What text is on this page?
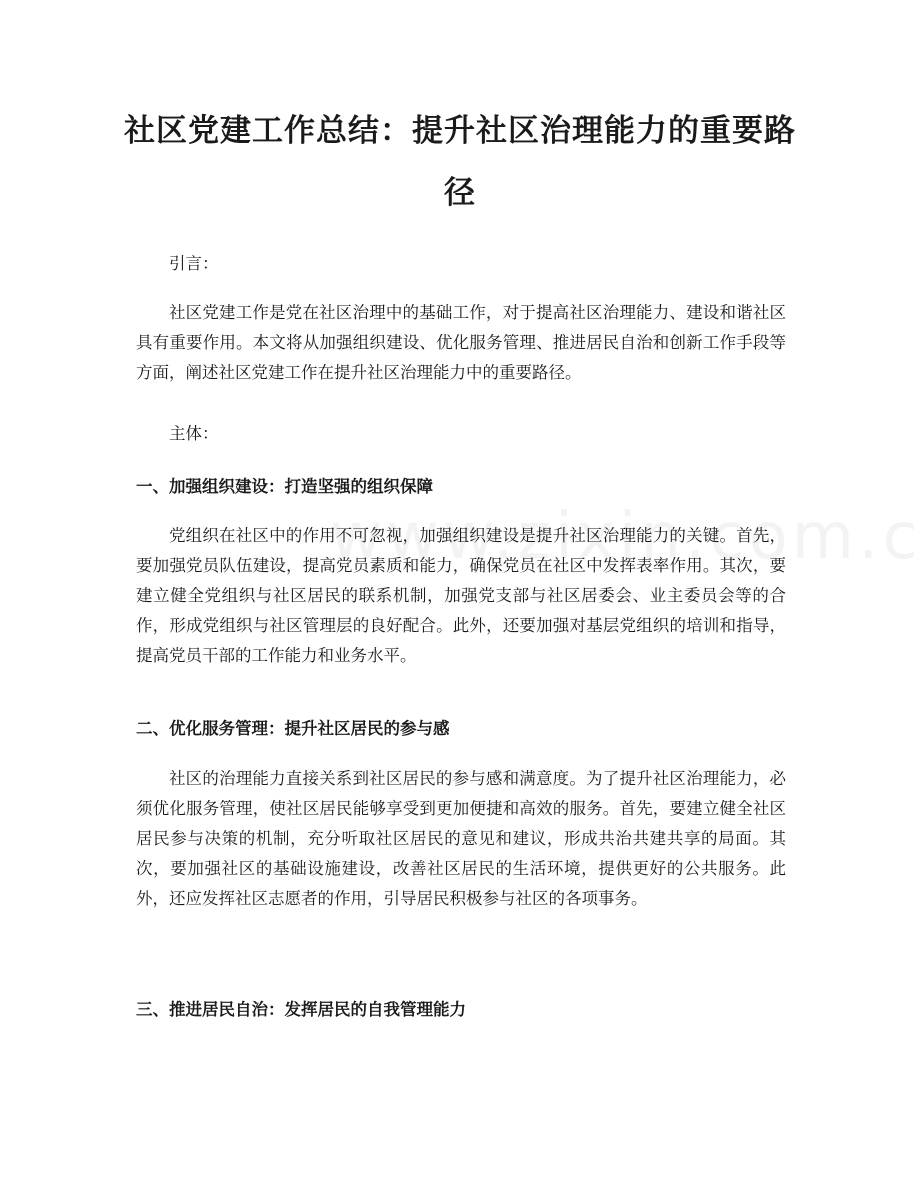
社区党建工作总结：提升社区治理能力的重要路径

引言：

社区党建工作是党在社区治理中的基础工作，对于提高社区治理能力、建设和谐社区具有重要作用。本文将从加强组织建设、优化服务管理、推进居民自治和创新工作手段等方面，阐述社区党建工作在提升社区治理能力中的重要路径。

主体：

一、加强组织建设：打造坚强的组织保障

党组织在社区中的作用不可忽视，加强组织建设是提升社区治理能力的关键。首先，要加强党员队伍建设，提高党员素质和能力，确保党员在社区中发挥表率作用。其次，要建立健全党组织与社区居民的联系机制，加强党支部与社区居委会、业主委员会等的合作，形成党组织与社区管理层的良好配合。此外，还要加强对基层党组织的培训和指导，提高党员干部的工作能力和业务水平。

二、优化服务管理：提升社区居民的参与感

社区的治理能力直接关系到社区居民的参与感和满意度。为了提升社区治理能力，必须优化服务管理，使社区居民能够享受到更加便捷和高效的服务。首先，要建立健全社区居民参与决策的机制，充分听取社区居民的意见和建议，形成共治共建共享的局面。其次，要加强社区的基础设施建设，改善社区居民的生活环境，提供更好的公共服务。此外，还应发挥社区志愿者的作用，引导居民积极参与社区的各项事务。

三、推进居民自治：发挥居民的自我管理能力
